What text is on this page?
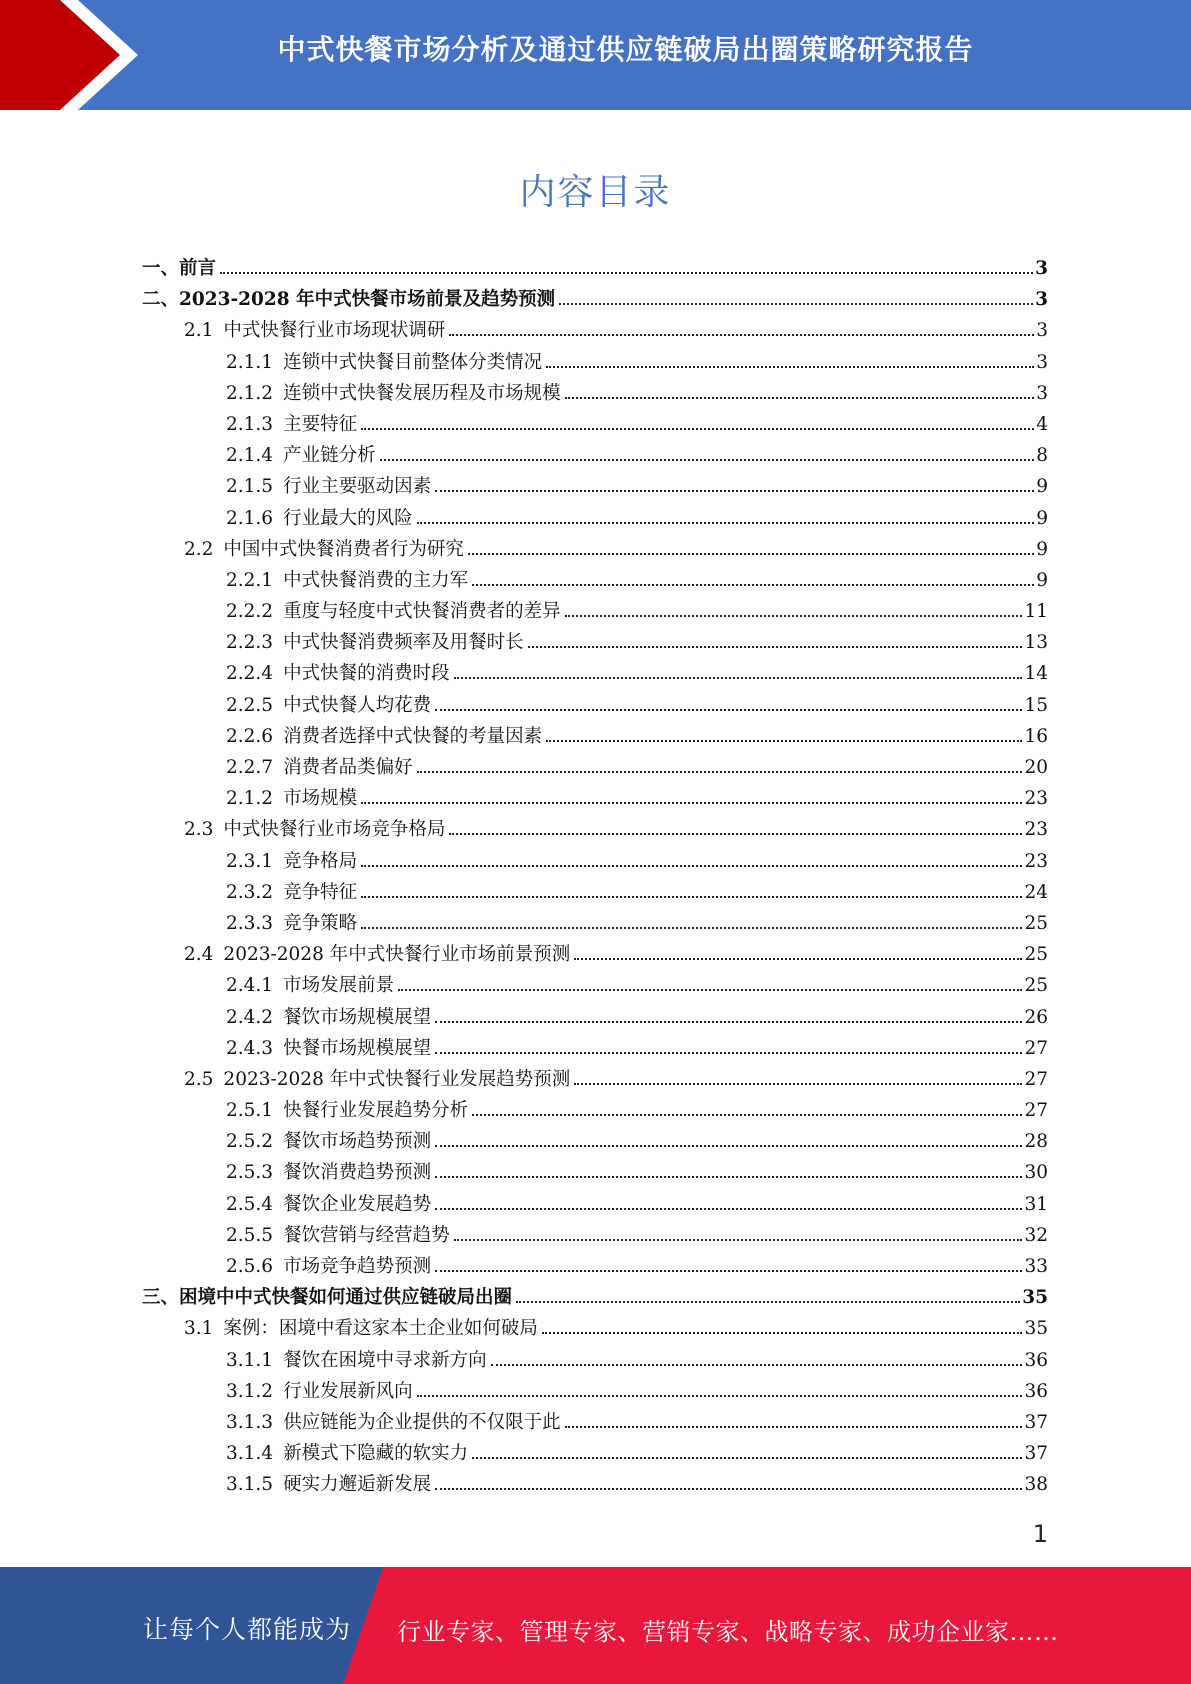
中式快餐市场分析及通过供应链破局出圈策略研究报告
内容目录
一、 前言	3
二、 2023-2028 年中式快餐市场前景及趋势预测	3
2.1 中式快餐行业市场现状调研	3
2.1.1 连锁中式快餐目前整体分类情况	3
2.1.2 连锁中式快餐发展历程及市场规模	3
2.1.3 主要特征	4
2.1.4 产业链分析	8
2.1.5 行业主要驱动因素	9
2.1.6 行业最大的风险	9
2.2 中国中式快餐消费者行为研究	9
2.2.1 中式快餐消费的主力军	9
2.2.2 重度与轻度中式快餐消费者的差异	11
2.2.3 中式快餐消费频率及用餐时长	13
2.2.4 中式快餐的消费时段	14
2.2.5 中式快餐人均花费	15
2.2.6 消费者选择中式快餐的考量因素	16
2.2.7 消费者品类偏好	20
2.1.2 市场规模	23
2.3 中式快餐行业市场竞争格局	23
2.3.1 竞争格局	23
2.3.2 竞争特征	24
2.3.3 竞争策略	25
2.4 2023-2028 年中式快餐行业市场前景预测	25
2.4.1 市场发展前景	25
2.4.2 餐饮市场规模展望	26
2.4.3 快餐市场规模展望	27
2.5 2023-2028 年中式快餐行业发展趋势预测	27
2.5.1 快餐行业发展趋势分析	27
2.5.2 餐饮市场趋势预测	28
2.5.3 餐饮消费趋势预测	30
2.5.4 餐饮企业发展趋势	31
2.5.5 餐饮营销与经营趋势	32
2.5.6 市场竞争趋势预测	33
三、 困境中中式快餐如何通过供应链破局出圈	35
3.1 案例：困境中看这家本土企业如何破局	35
3.1.1 餐饮在困境中寻求新方向	36
3.1.2 行业发展新风向	36
3.1.3 供应链能为企业提供的不仅限于此	37
3.1.4 新模式下隐藏的软实力	37
3.1.5 硬实力邂逅新发展	38
1
让每个人都能成为 行业专家、管理专家、营销专家、战略专家、成功企业家……
